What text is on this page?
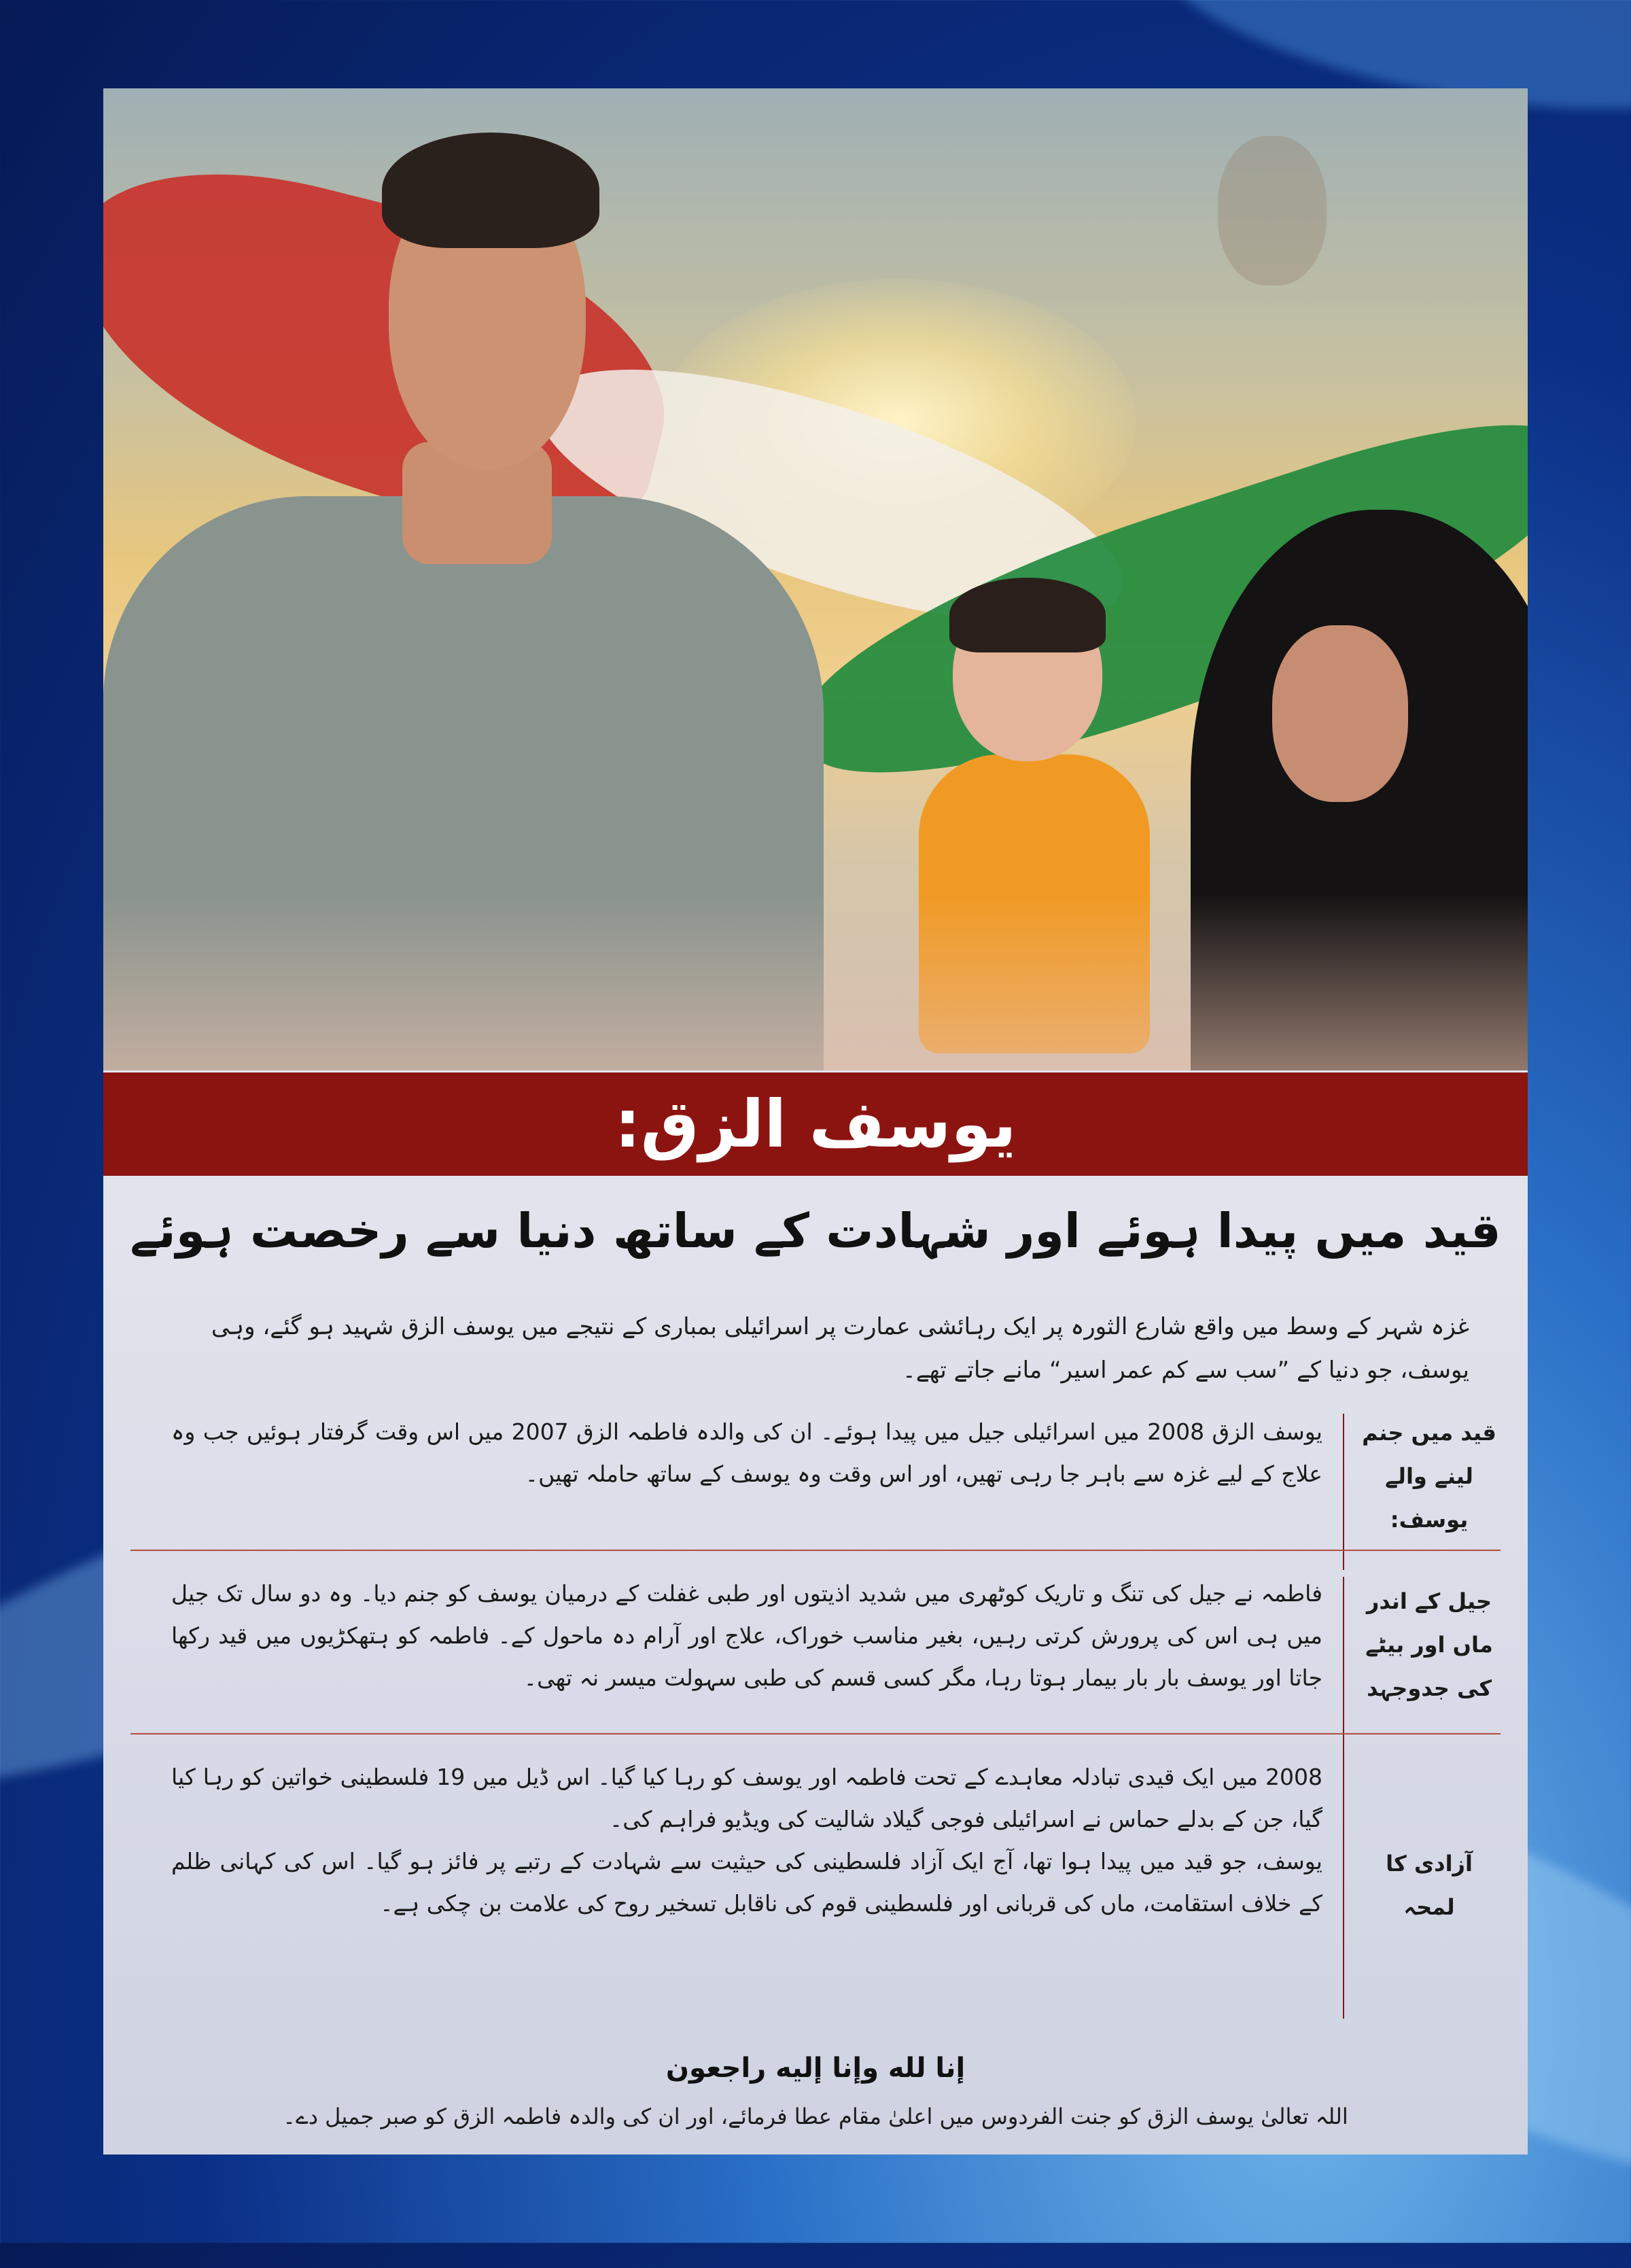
یوسف الزق:
قید میں پیدا ہوئے اور شہادت کے ساتھ دنیا سے رخصت ہوئے
غزہ شہر کے وسط میں واقع شارع الثورہ پر ایک رہائشی عمارت پر اسرائیلی بمباری کے نتیجے میں یوسف الزق شہید ہو گئے، وہی یوسف، جو دنیا کے ”سب سے کم عمر اسیر“ مانے جاتے تھے۔
قید میں جنم لینے والے یوسف:

یوسف الزق 2008 میں اسرائیلی جیل میں پیدا ہوئے۔ ان کی والدہ فاطمہ الزق 2007 میں اس وقت گرفتار ہوئیں جب وہ علاج کے لیے غزہ سے باہر جا رہی تھیں، اور اس وقت وہ یوسف کے ساتھ حاملہ تھیں۔

جیل کے اندر ماں اور بیٹے کی جدوجہد

فاطمہ نے جیل کی تنگ و تاریک کوٹھری میں شدید اذیتوں اور طبی غفلت کے درمیان یوسف کو جنم دیا۔ وہ دو سال تک جیل میں ہی اس کی پرورش کرتی رہیں، بغیر مناسب خوراک، علاج اور آرام دہ ماحول کے۔ فاطمہ کو ہتھکڑیوں میں قید رکھا جاتا اور یوسف بار بار بیمار ہوتا رہا، مگر کسی قسم کی طبی سہولت میسر نہ تھی۔

آزادی کا لمحہ

2008 میں ایک قیدی تبادلہ معاہدے کے تحت فاطمہ اور یوسف کو رہا کیا گیا۔ اس ڈیل میں 19 فلسطینی خواتین کو رہا کیا گیا، جن کے بدلے حماس نے اسرائیلی فوجی گیلاد شالیت کی ویڈیو فراہم کی۔

یوسف، جو قید میں پیدا ہوا تھا، آج ایک آزاد فلسطینی کی حیثیت سے شہادت کے رتبے پر فائز ہو گیا۔ اس کی کہانی ظلم کے خلاف استقامت، ماں کی قربانی اور فلسطینی قوم کی ناقابل تسخیر روح کی علامت بن چکی ہے۔

إنا لله وإنا إليه راجعون
اللہ تعالیٰ یوسف الزق کو جنت الفردوس میں اعلیٰ مقام عطا فرمائے، اور ان کی والدہ فاطمہ الزق کو صبر جمیل دے۔
